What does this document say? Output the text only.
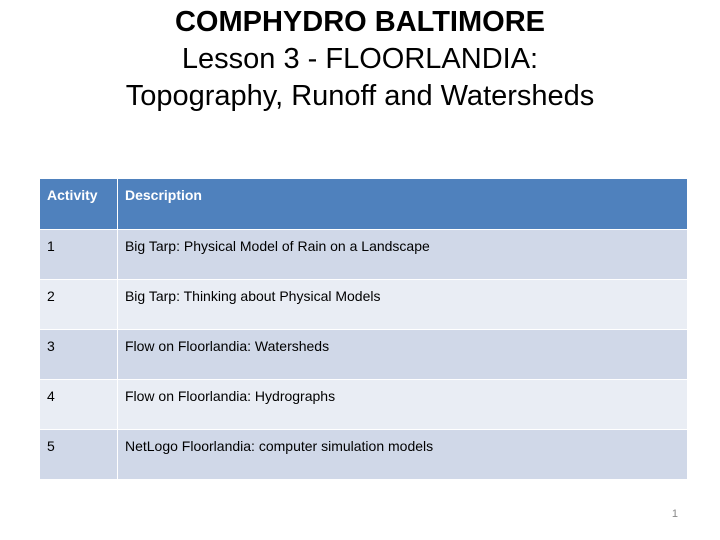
COMPHYDRO BALTIMORE
Lesson 3 - FLOORLANDIA:
Topography, Runoff and Watersheds
Activity	Description
1	Big Tarp: Physical Model of Rain on a Landscape
2	Big Tarp: Thinking about Physical Models
3	Flow on Floorlandia: Watersheds
4	Flow on Floorlandia: Hydrographs
5	NetLogo Floorlandia: computer simulation models
1
